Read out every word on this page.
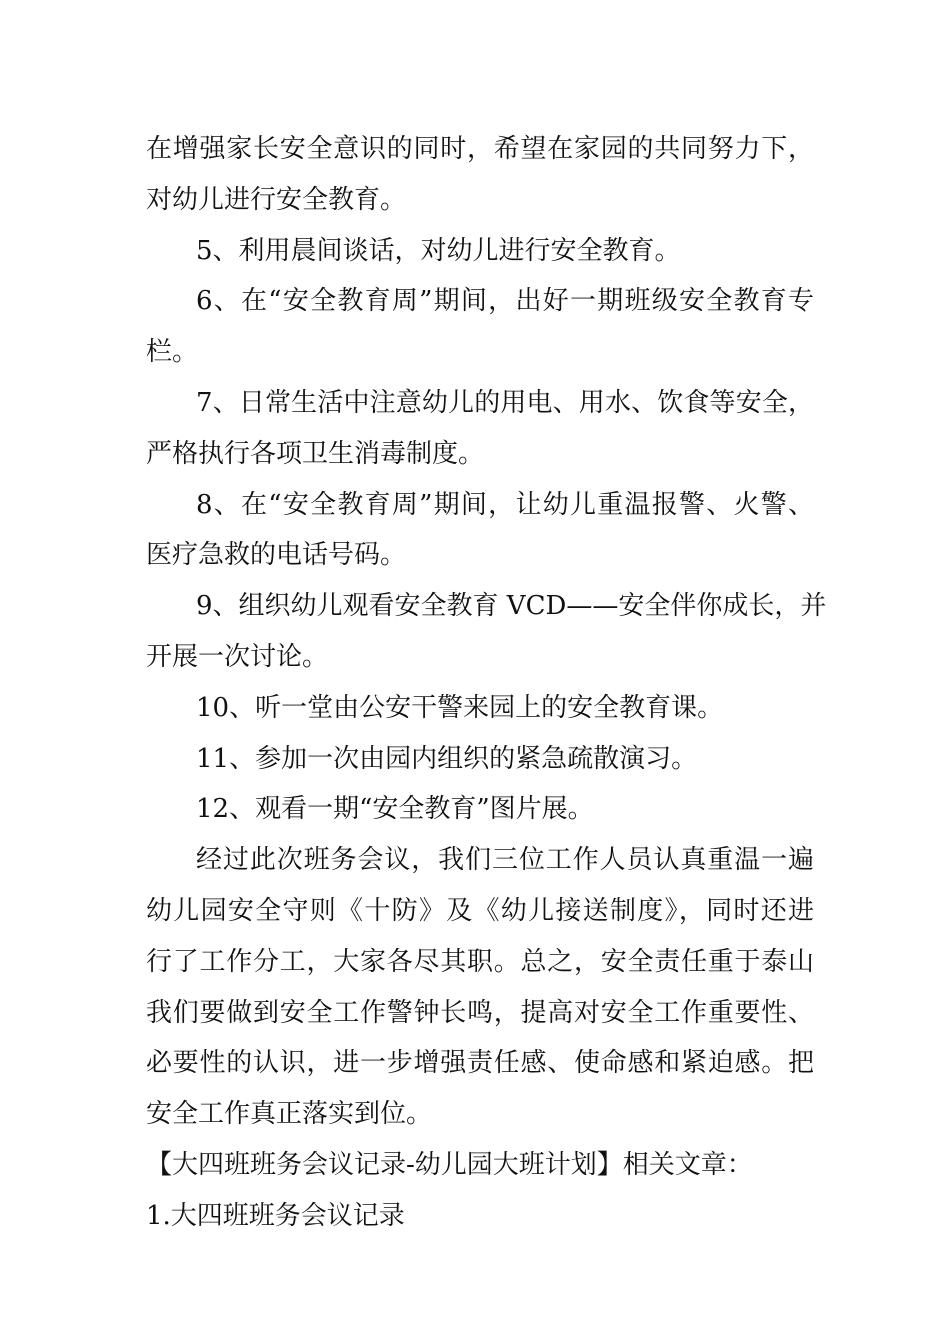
在增强家长安全意识的同时，希望在家园的共同努力下，
对幼儿进行安全教育。
5、利用晨间谈话，对幼儿进行安全教育。
6、在“安全教育周”期间，出好一期班级安全教育专
栏。
7、日常生活中注意幼儿的用电、用水、饮食等安全，
严格执行各项卫生消毒制度。
8、在“安全教育周”期间，让幼儿重温报警、火警、
医疗急救的电话号码。
9、组织幼儿观看安全教育 VCD——安全伴你成长，并
开展一次讨论。
10、听一堂由公安干警来园上的安全教育课。
11、参加一次由园内组织的紧急疏散演习。
12、观看一期“安全教育”图片展。
经过此次班务会议，我们三位工作人员认真重温一遍
幼儿园安全守则《十防》及《幼儿接送制度》，同时还进
行了工作分工，大家各尽其职。总之，安全责任重于泰山
我们要做到安全工作警钟长鸣，提高对安全工作重要性、
必要性的认识，进一步增强责任感、使命感和紧迫感。把
安全工作真正落实到位。
【大四班班务会议记录-幼儿园大班计划】相关文章：
1.大四班班务会议记录
